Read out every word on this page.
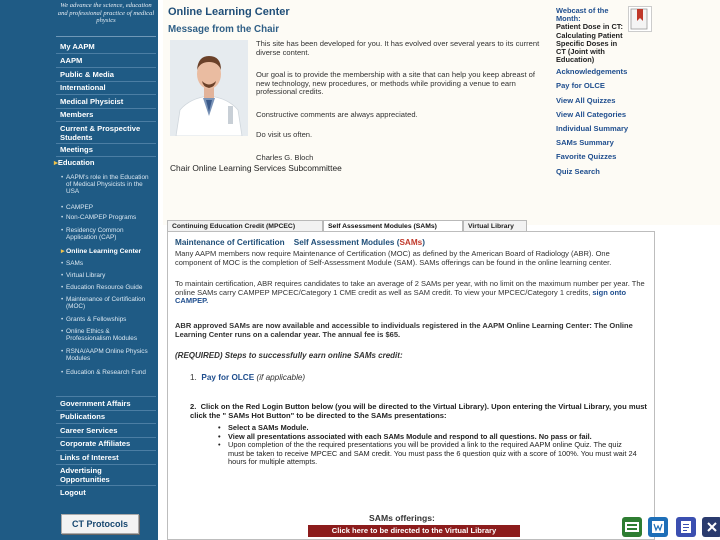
We advance the science, education and professional practice of medical physics
My AAPM
AAPM
Public & Media
International
Medical Physicist
Members
Current & Prospective Students
Meetings
▸Education
• AAPM's role in the Education of Medical Physicists in the USA
• CAMPEP
• Non-CAMPEP Programs
• Residency Common Application (CAP)
▸ Online Learning Center
• SAMs
• Virtual Library
• Education Resource Guide
• Maintenance of Certification (MOC)
• Grants & Fellowships
• Online Ethics & Professionalism Modules
• RSNA/AAPM Online Physics Modules
• Education & Research Fund
Government Affairs
Publications
Career Services
Corporate Affiliates
Links of Interest
Advertising Opportunities
Logout
CT Protocols
Online Learning Center
Message from the Chair
This site has been developed for you. It has evolved over several years to its current diverse content.
Our goal is to provide the membership with a site that can help you keep abreast of new technology, new procedures, or methods while providing a venue to earn professional credits.
Constructive comments are always appreciated.
Do visit us often.
Charles G. Bloch
Chair Online Learning Services Subcommittee
Webcast of the Month:
Patient Dose in CT: Calculating Patient Specific Doses in CT (Joint with Education)
Acknowledgements
Pay for OLCE
View All Quizzes
View All Categories
Individual Summary
SAMs Summary
Favorite Quizzes
Quiz Search
Continuing Education Credit (MPCEC)	Self Assessment Modules (SAMs)	Virtual Library
Maintenance of Certification    Self Assessment Modules (SAMs)
Many AAPM members now require Maintenance of Certification (MOC) as defined by the American Board of Radiology (ABR). One component of MOC is the completion of Self-Assessment Module (SAM). SAMs offerings can be found in the online learning center.
To maintain certification, ABR requires candidates to take an average of 2 SAMs per year, with no limit on the maximum number per year. The online SAMs carry CAMPEP MPCEC/Category 1 CME credit as well as SAM credit. To view your MPCEC/Category 1 credits, sign onto CAMPEP.
ABR approved SAMs are now available and accessible to individuals registered in the AAPM Online Learning Center: The Online Learning Center runs on a calendar year. The annual fee is $65.
(REQUIRED) Steps to successfully earn online SAMs credit:
1. Pay for OLCE (if applicable)
2. Click on the Red Login Button below (you will be directed to the Virtual Library). Upon entering the Virtual Library, you must click the " SAMs Hot Button" to be directed to the SAMs presentations:
• Select a SAMs Module.
• View all presentations associated with each SAMs Module and respond to all questions. No pass or fail.
• Upon completion of the the required presentations you will be provided a link to the required AAPM online Quiz. The quiz must be taken to receive MPCEC and SAM credit. You must pass the 6 question quiz with a score of 100%. You must wait 24 hours for multiple attempts.
SAMs offerings:
Click here to be directed to the Virtual Library
